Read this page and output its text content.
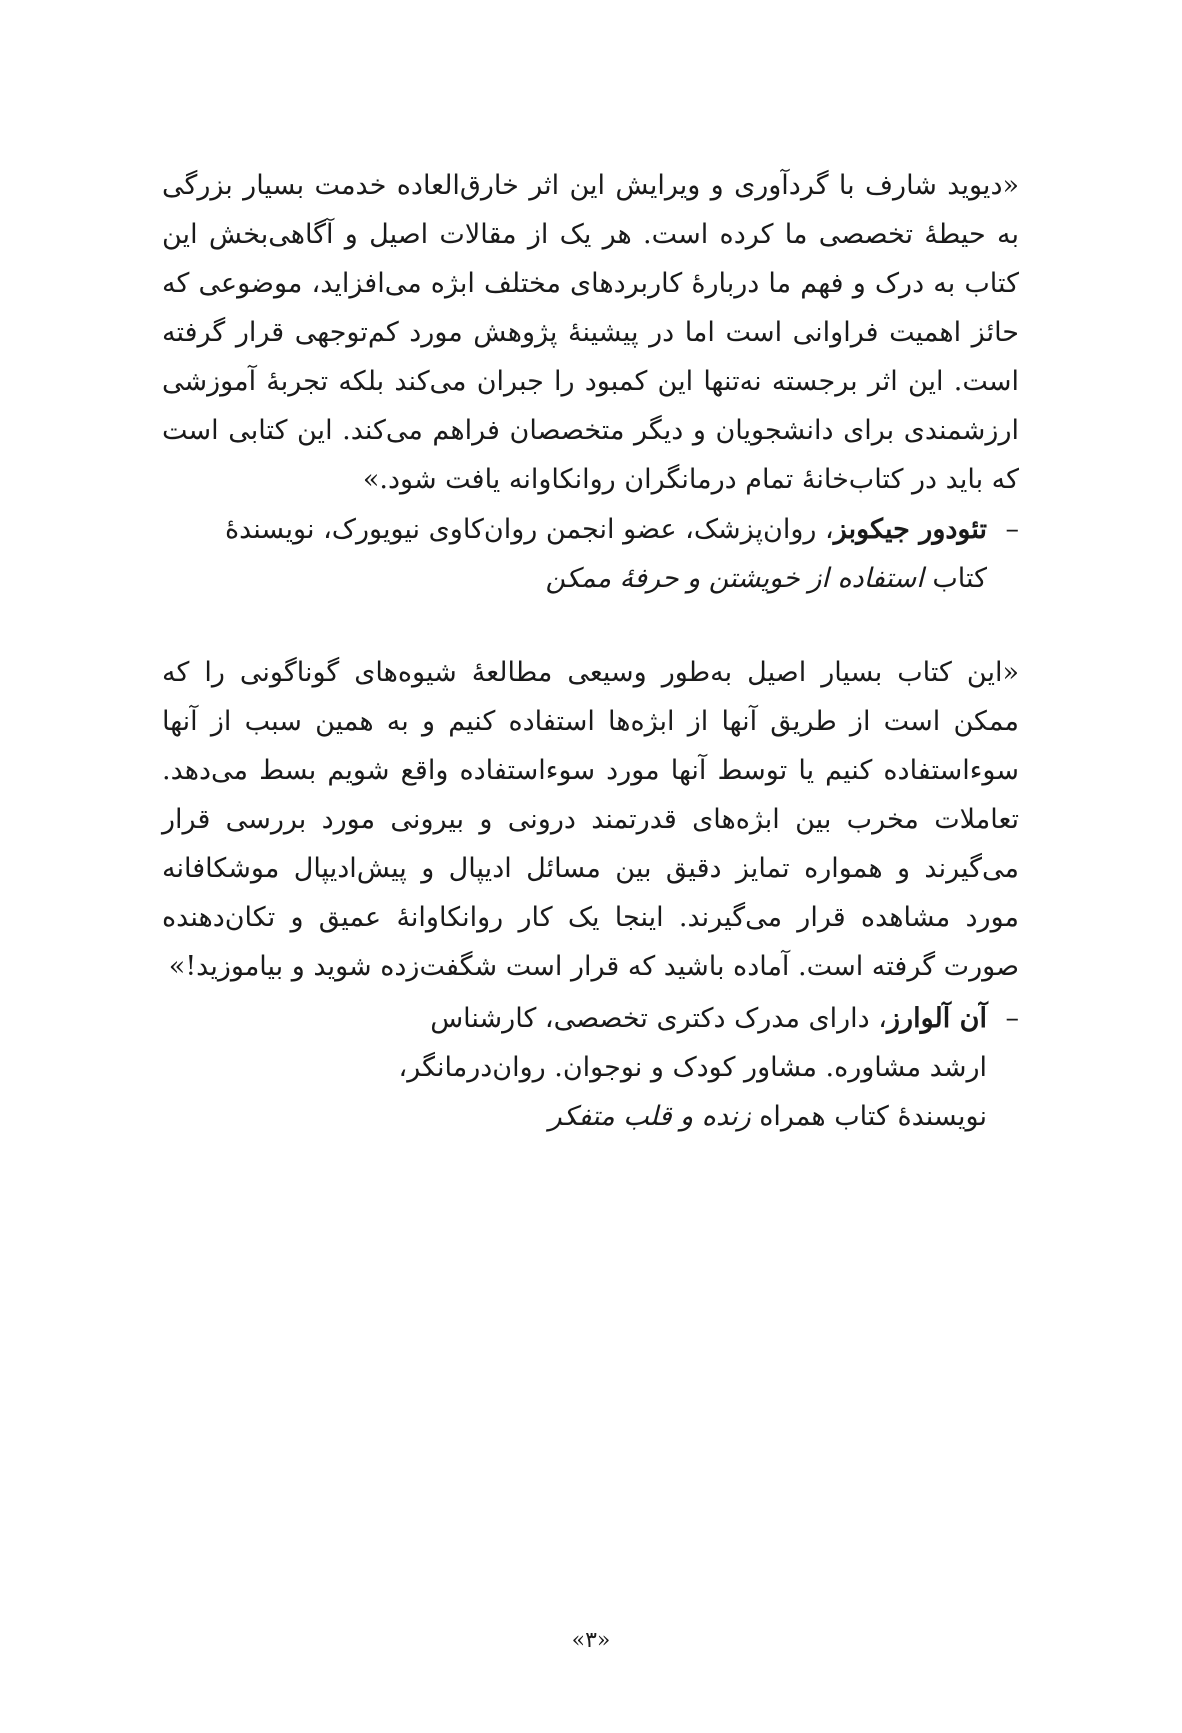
«دیوید شارف با گردآوری و ویرایش این اثر خارق‌العاده خدمت بسیار بزرگی به حیطهٔ تخصصی ما کرده است. هر یک از مقالات اصیل و آگاهی‌بخش این کتاب به درک و فهم ما دربارهٔ کاربردهای مختلف ابژه می‌افزاید، موضوعی که حائز اهمیت فراوانی است اما در پیشینهٔ پژوهش مورد کم‌توجهی قرار گرفته است. این اثر برجسته نه‌تنها این کمبود را جبران می‌کند بلکه تجربهٔ آموزشی ارزشمندی برای دانشجویان و دیگر متخصصان فراهم می‌کند. این کتابی است که باید در کتاب‌خانهٔ تمام درمانگران روانکاوانه یافت شود.»

–
تئودور جیکوبز، روان‌پزشک، عضو انجمن روان‌کاوی نیویورک، نویسندهٔ کتاب استفاده از خویشتن و حرفهٔ ممکن

«این کتاب بسیار اصیل به‌طور وسیعی مطالعهٔ شیوه‌های گوناگونی را که ممکن است از طریق آنها از ابژه‌ها استفاده کنیم و به همین سبب از آنها سوءاستفاده کنیم یا توسط آنها مورد سوءاستفاده واقع شویم بسط می‌دهد. تعاملات مخرب بین ابژه‌های قدرتمند درونی و بیرونی مورد بررسی قرار می‌گیرند و همواره تمایز دقیق بین مسائل ادیپال و پیش‌ادیپال موشکافانه مورد مشاهده قرار می‌گیرند. اینجا یک کار روانکاوانهٔ عمیق و تکان‌دهنده صورت گرفته است. آماده باشید که قرار است شگفت‌زده شوید و بیاموزید!»

–
آن آلوارز، دارای مدرک دکتری تخصصی، کارشناس ارشد مشاوره. مشاور کودک و نوجوان. روان‌درمانگر، نویسندهٔ کتاب همراه زنده و قلب متفکر

«۳»
